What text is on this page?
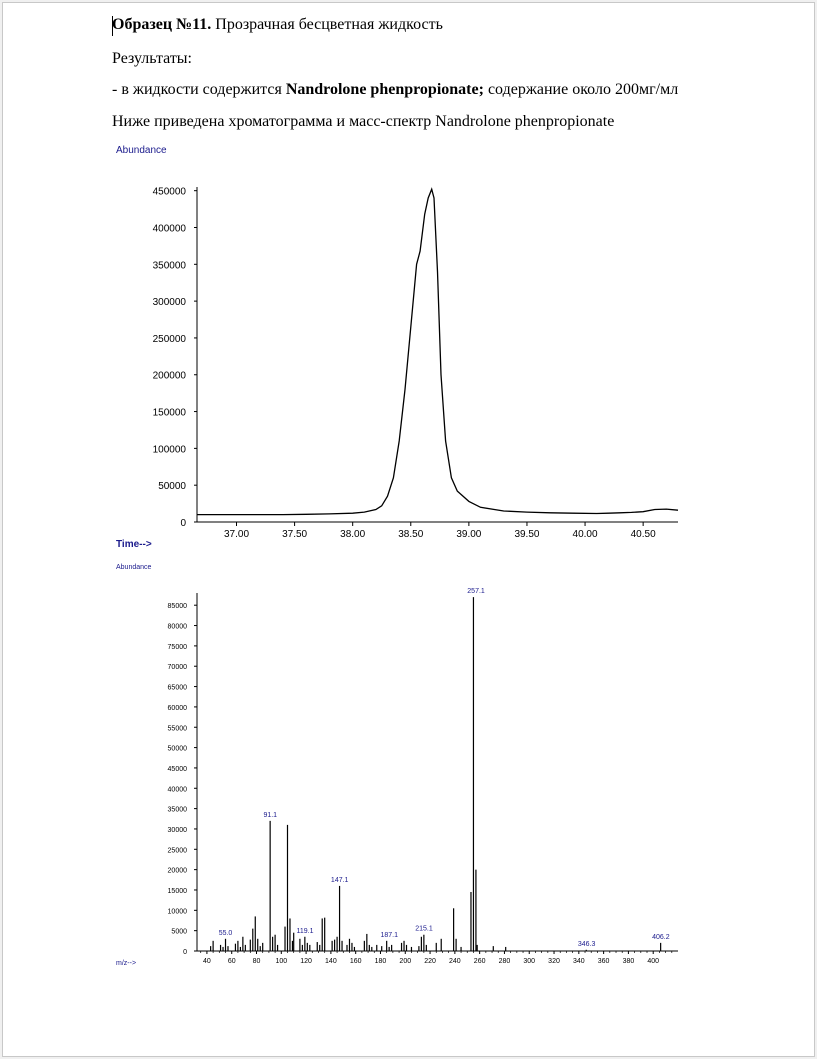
Образец №11. Прозрачная бесцветная жидкость
Результаты:
- в жидкости содержится Nandrolone phenpropionate; содержание около 200мг/мл
Ниже приведена хроматограмма и масс-спектр Nandrolone phenpropionate
Abundance
0
50000
100000
150000
200000
250000
300000
350000
400000
450000
37.00	37.50	38.00	38.50	39.00	39.50	40.00	40.50
Time-->
Abundance
0
5000
10000
15000
20000
25000
30000
35000
40000
45000
50000
55000
60000
65000
70000
75000
80000
85000
40 60 80 100 120 140 160 180 200 220 240 260 280 300 320 340 360 380 400
55.0
91.1
119.1
147.1
187.1
215.1
257.1
346.3
406.2
m/z-->
